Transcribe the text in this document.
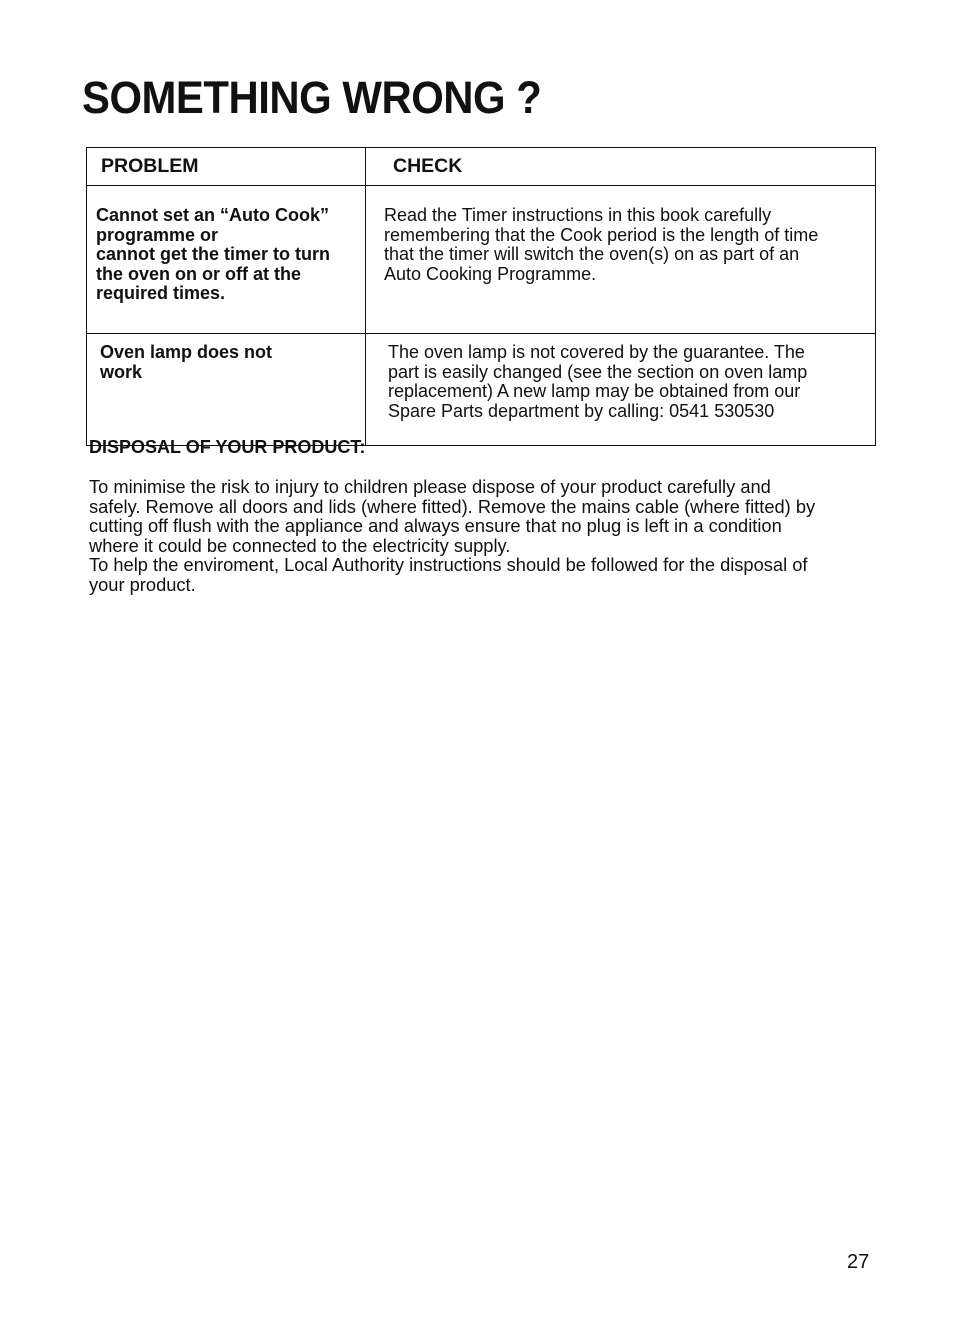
SOMETHING WRONG ?
PROBLEM	CHECK

Cannot set an “Auto Cook”
programme or
cannot get the timer to turn
the oven on or off at the
required times.	Read the Timer instructions in this book carefully
remembering that the Cook period is the length of time
that the timer will switch the oven(s) on as part of an
Auto Cooking Programme.

Oven lamp does not
work	The oven lamp is not covered by the guarantee. The
part is easily changed (see the section on oven lamp
replacement) A new lamp may be obtained from our
Spare Parts department by calling: 0541 530530
DISPOSAL OF YOUR PRODUCT:

To minimise the risk to injury to children please dispose of your product carefully and
safely. Remove all doors and lids (where fitted). Remove the mains cable (where fitted) by
cutting off flush with the appliance and always ensure that no plug is left in a condition
where it could be connected to the electricity supply.
To help the enviroment, Local Authority instructions should be followed for the disposal of
your product.

27
